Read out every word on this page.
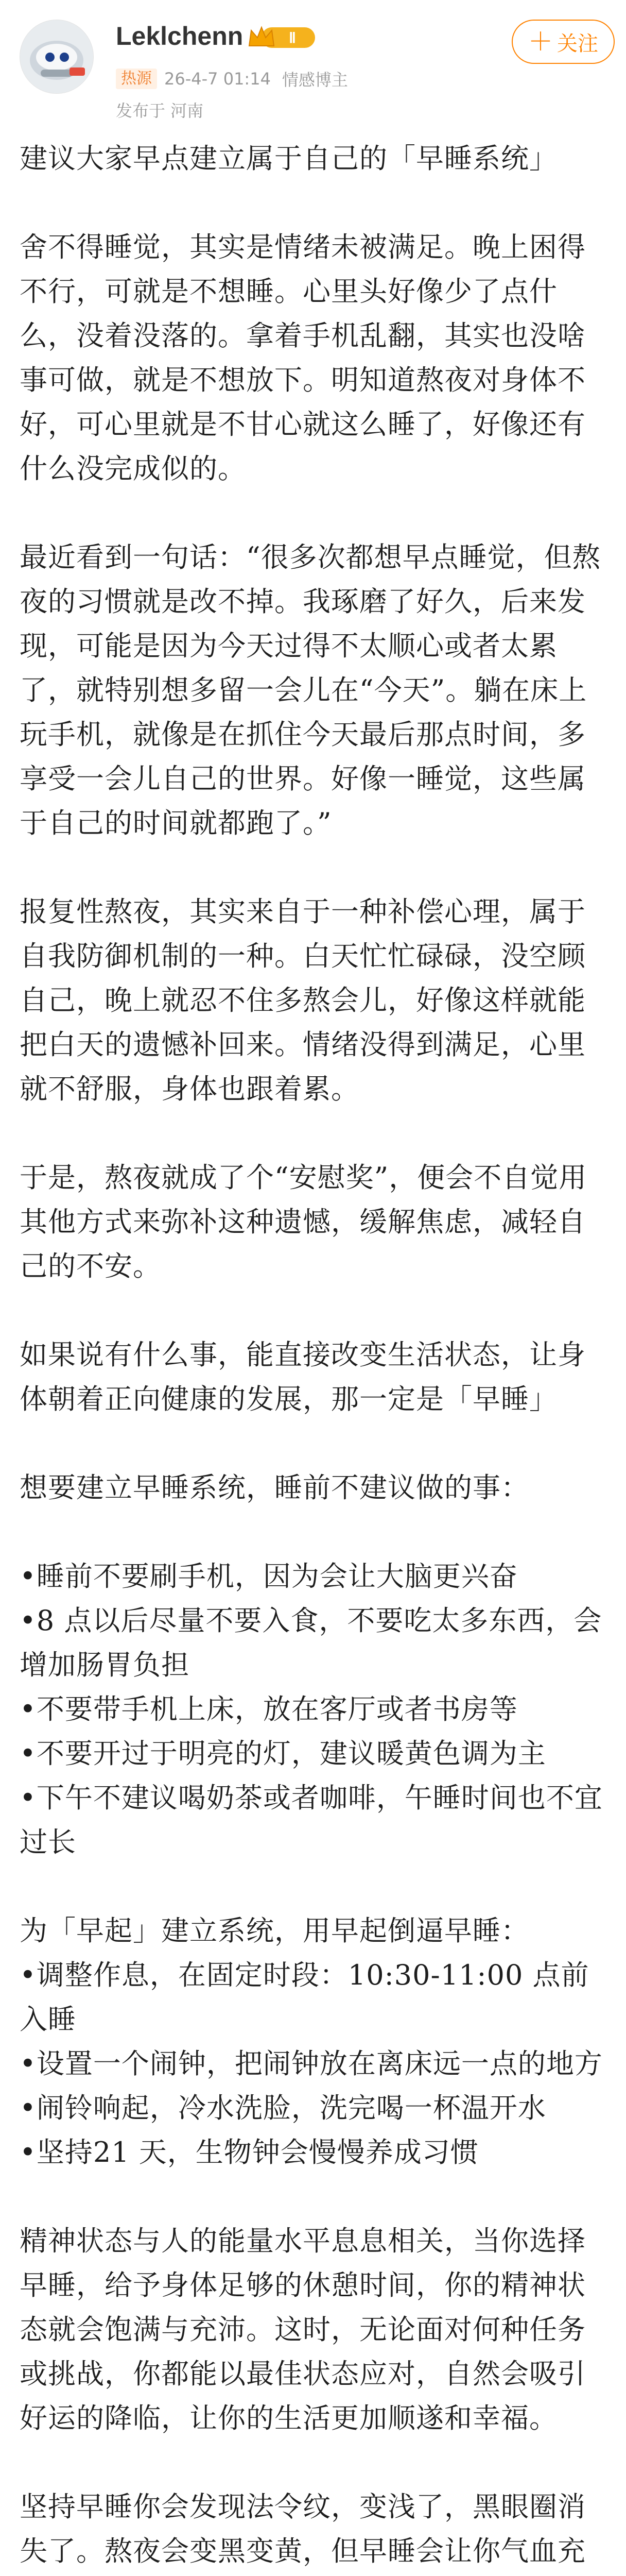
Leklchenn	Ⅱ
热源 26-4-7 01:14 情感博主
发布于 河南
＋ 关注

建议大家早点建立属于自己的「早睡系统」

舍不得睡觉，其实是情绪未被满足。晚上困得不行，可就是不想睡。心里头好像少了点什么，没着没落的。拿着手机乱翻，其实也没啥事可做，就是不想放下。明知道熬夜对身体不好，可心里就是不甘心就这么睡了，好像还有什么没完成似的。

最近看到一句话：“很多次都想早点睡觉，但熬夜的习惯就是改不掉。我琢磨了好久，后来发现，可能是因为今天过得不太顺心或者太累了，就特别想多留一会儿在“今天”。躺在床上玩手机，就像是在抓住今天最后那点时间，多享受一会儿自己的世界。好像一睡觉，这些属于自己的时间就都跑了。”

报复性熬夜，其实来自于一种补偿心理，属于自我防御机制的一种。白天忙忙碌碌，没空顾自己，晚上就忍不住多熬会儿，好像这样就能把白天的遗憾补回来。情绪没得到满足，心里就不舒服，身体也跟着累。

于是，熬夜就成了个“安慰奖”，便会不自觉用其他方式来弥补这种遗憾，缓解焦虑，减轻自己的不安。

如果说有什么事，能直接改变生活状态，让身体朝着正向健康的发展，那一定是「早睡」

想要建立早睡系统，睡前不建议做的事：

•睡前不要刷手机，因为会让大脑更兴奋
•8 点以后尽量不要入食，不要吃太多东西，会增加肠胃负担
•不要带手机上床，放在客厅或者书房等
•不要开过于明亮的灯，建议暖黄色调为主
•下午不建议喝奶茶或者咖啡，午睡时间也不宜过长

为「早起」建立系统，用早起倒逼早睡：

•调整作息，在固定时段：10:30-11:00 点前入睡
•设置一个闹钟，把闹钟放在离床远一点的地方
•闹铃响起，冷水洗脸，洗完喝一杯温开水
•坚持21 天，生物钟会慢慢养成习惯

精神状态与人的能量水平息息相关，当你选择早睡，给予身体足够的休憩时间，你的精神状态就会饱满与充沛。这时，无论面对何种任务或挑战，你都能以最佳状态应对，自然会吸引好运的降临，让你的生活更加顺遂和幸福。

坚持早睡你会发现法令纹，变浅了，黑眼圈消失了。熬夜会变黑变黄，但早睡会让你气血充
